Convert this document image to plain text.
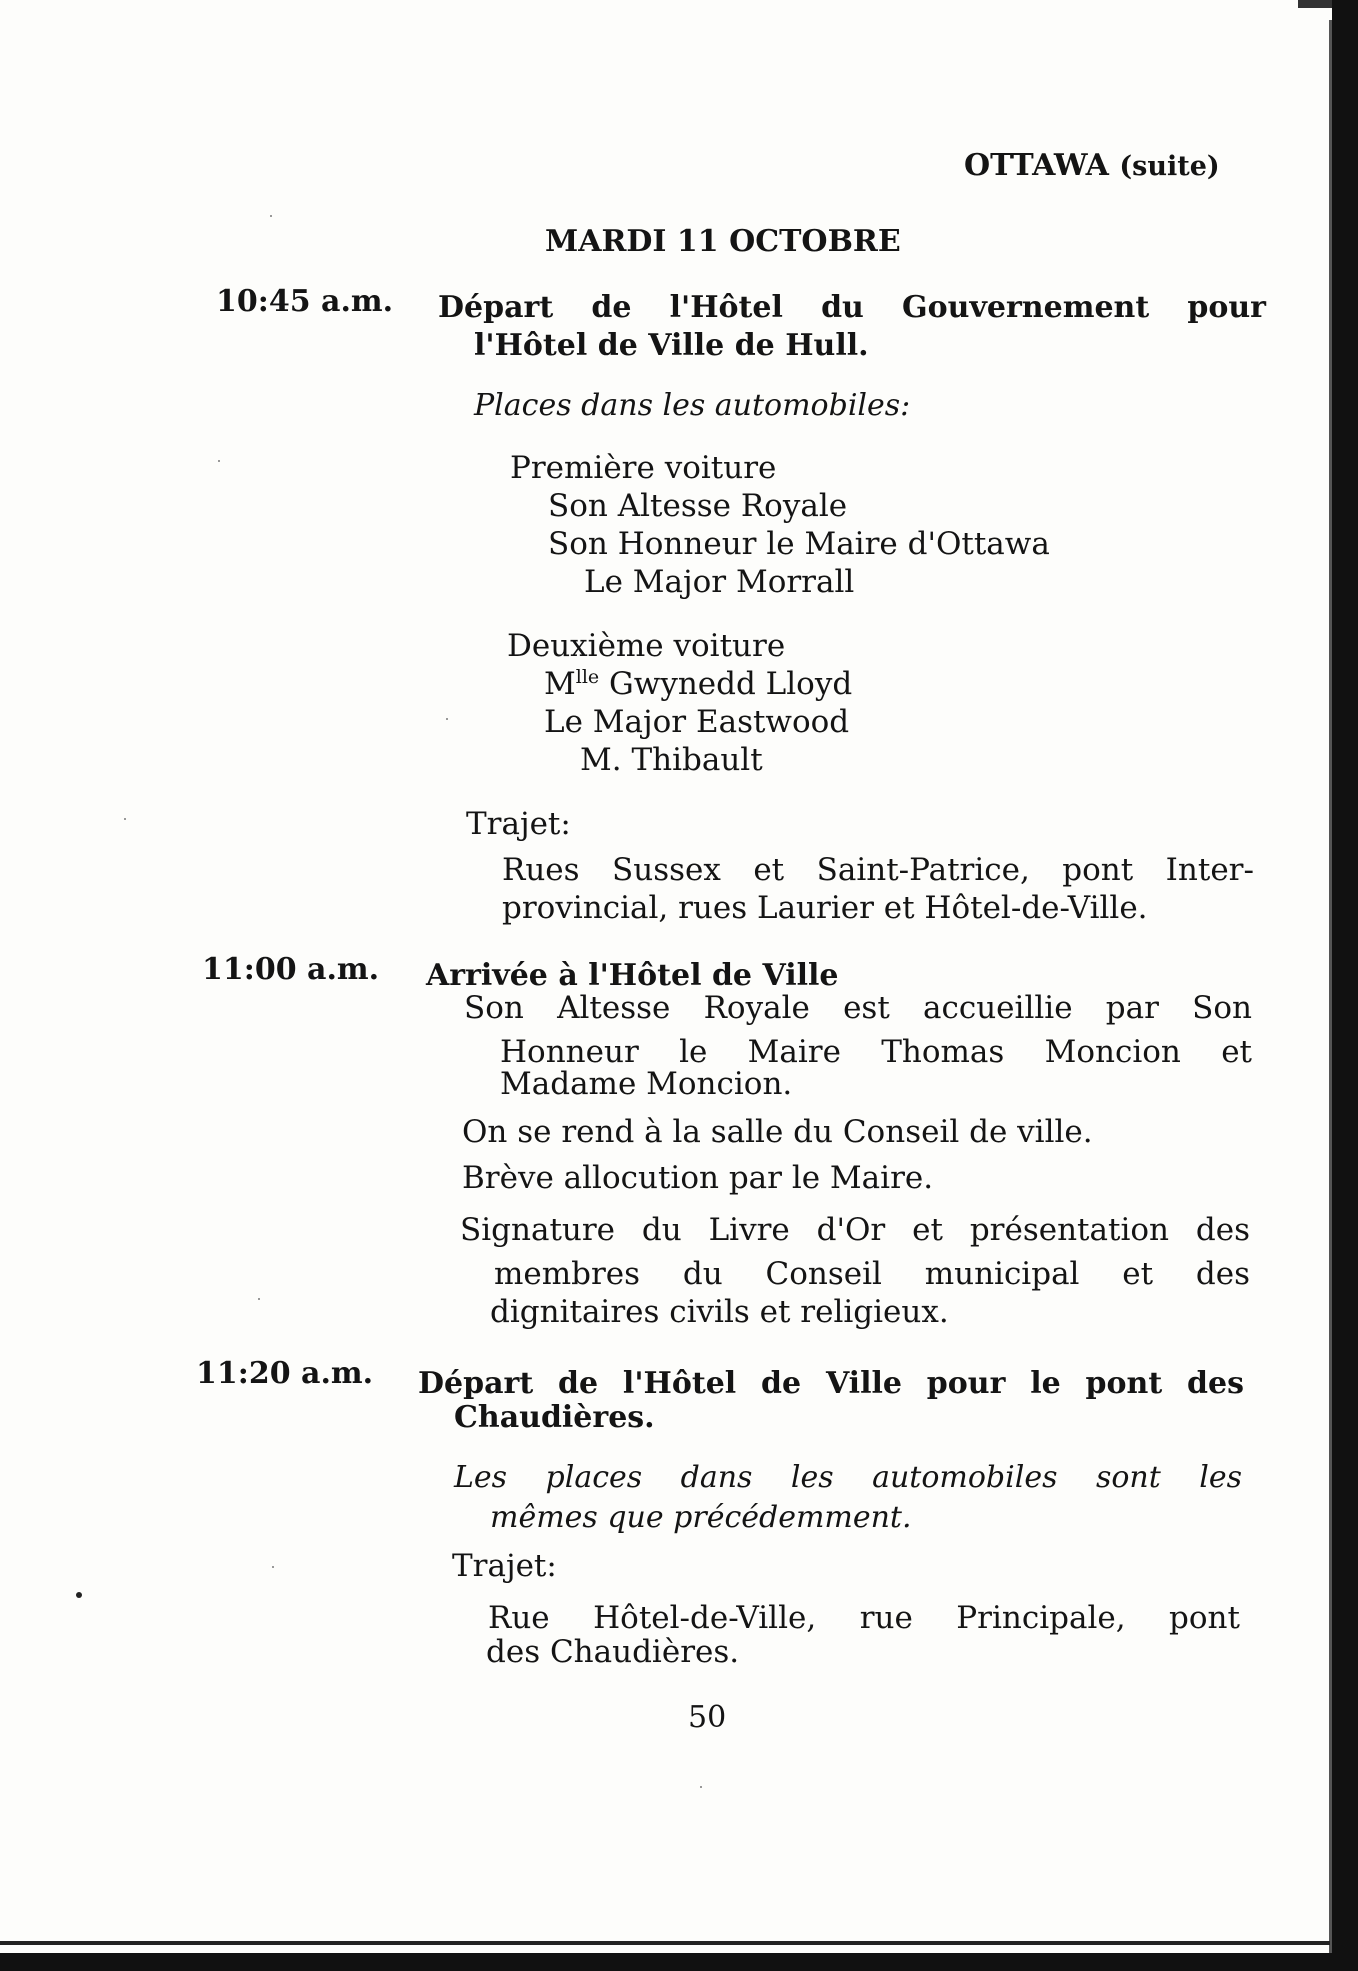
OTTAWA (suite)
MARDI 11 OCTOBRE
10:45 a.m. Départ de l'Hôtel du Gouvernement pour
l'Hôtel de Ville de Hull.
Places dans les automobiles:
Première voiture
Son Altesse Royale
Son Honneur le Maire d'Ottawa
Le Major Morrall
Deuxième voiture
$M^{lle}$ Gwynedd Lloyd
Le Major Eastwood
M. Thibault
Trajet:
Rues Sussex et Saint-Patrice, pont Inter-
provincial, rues Laurier et Hôtel-de-Ville.
11:00 a.m. Arrivée à l'Hôtel de Ville
Son Altesse Royale est accueillie par Son
Honneur le Maire Thomas Moncion et
Madame Moncion.
On se rend à la salle du Conseil de ville.
Brève allocution par le Maire.
Signature du Livre d'Or et présentation des
membres du Conseil municipal et des
dignitaires civils et religieux.
11:20 a.m. Départ de l'Hôtel de Ville pour le pont des
Chaudières.
Les places dans les automobiles sont les
mêmes que précédemment.
Trajet:
Rue Hôtel-de-Ville, rue Principale, pont
des Chaudières.
50
